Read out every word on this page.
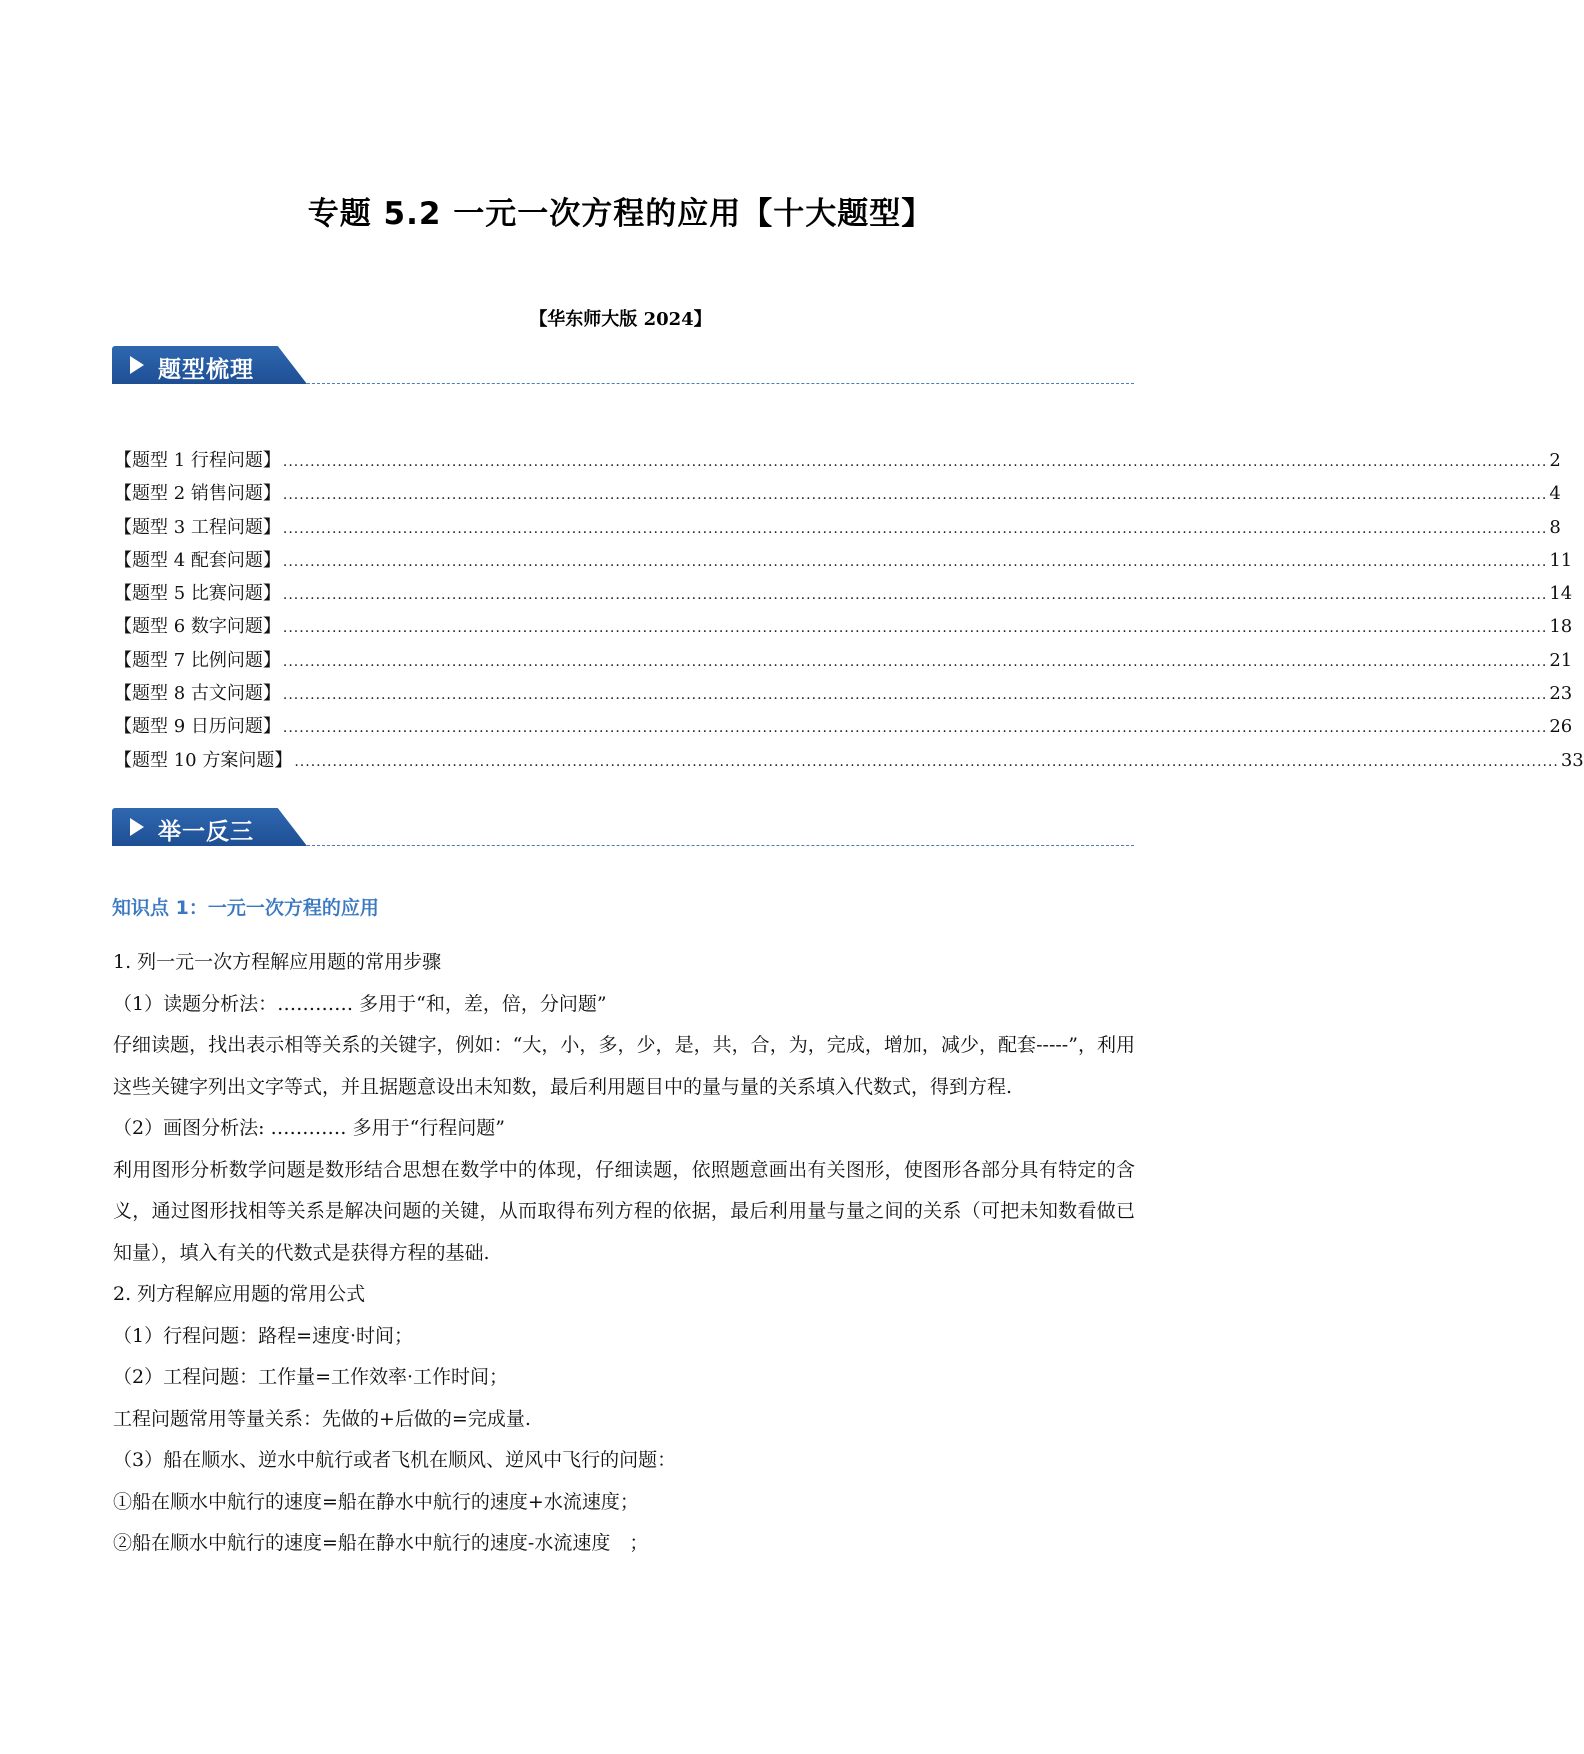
专题 5.2 一元一次方程的应用【十大题型】
【华东师大版 2024】
题型梳理
【题型 1 行程问题】 ........................................................................................................................................................................................................................................ 2
【题型 2 销售问题】 ........................................................................................................................................................................................................................................ 4
【题型 3 工程问题】 ........................................................................................................................................................................................................................................ 8
【题型 4 配套问题】 ........................................................................................................................................................................................................................................ 11
【题型 5 比赛问题】 ........................................................................................................................................................................................................................................ 14
【题型 6 数字问题】 ........................................................................................................................................................................................................................................ 18
【题型 7 比例问题】 ........................................................................................................................................................................................................................................ 21
【题型 8 古文问题】 ........................................................................................................................................................................................................................................ 23
【题型 9 日历问题】 ........................................................................................................................................................................................................................................ 26
【题型 10 方案问题】 ........................................................................................................................................................................................................................................ 33
举一反三
知识点 1：一元一次方程的应用

1. 列一元一次方程解应用题的常用步骤

（1）读题分析法：………… 多用于“和，差，倍，分问题”

仔细读题，找出表示相等关系的关键字，例如：“大，小，多，少，是，共，合，为，完成，增加，减少，配套-----”，利用这些关键字列出文字等式，并且据题意设出未知数，最后利用题目中的量与量的关系填入代数式，得到方程.

（2）画图分析法: ………… 多用于“行程问题”

利用图形分析数学问题是数形结合思想在数学中的体现，仔细读题，依照题意画出有关图形，使图形各部分具有特定的含义，通过图形找相等关系是解决问题的关键，从而取得布列方程的依据，最后利用量与量之间的关系（可把未知数看做已知量），填入有关的代数式是获得方程的基础.

2. 列方程解应用题的常用公式

（1）行程问题：路程=速度·时间；

（2）工程问题：工作量=工作效率·工作时间；

工程问题常用等量关系：先做的+后做的=完成量.

（3）船在顺水、逆水中航行或者飞机在顺风、逆风中飞行的问题：

①船在顺水中航行的速度=船在静水中航行的速度+水流速度；

②船在顺水中航行的速度=船在静水中航行的速度-水流速度　；
